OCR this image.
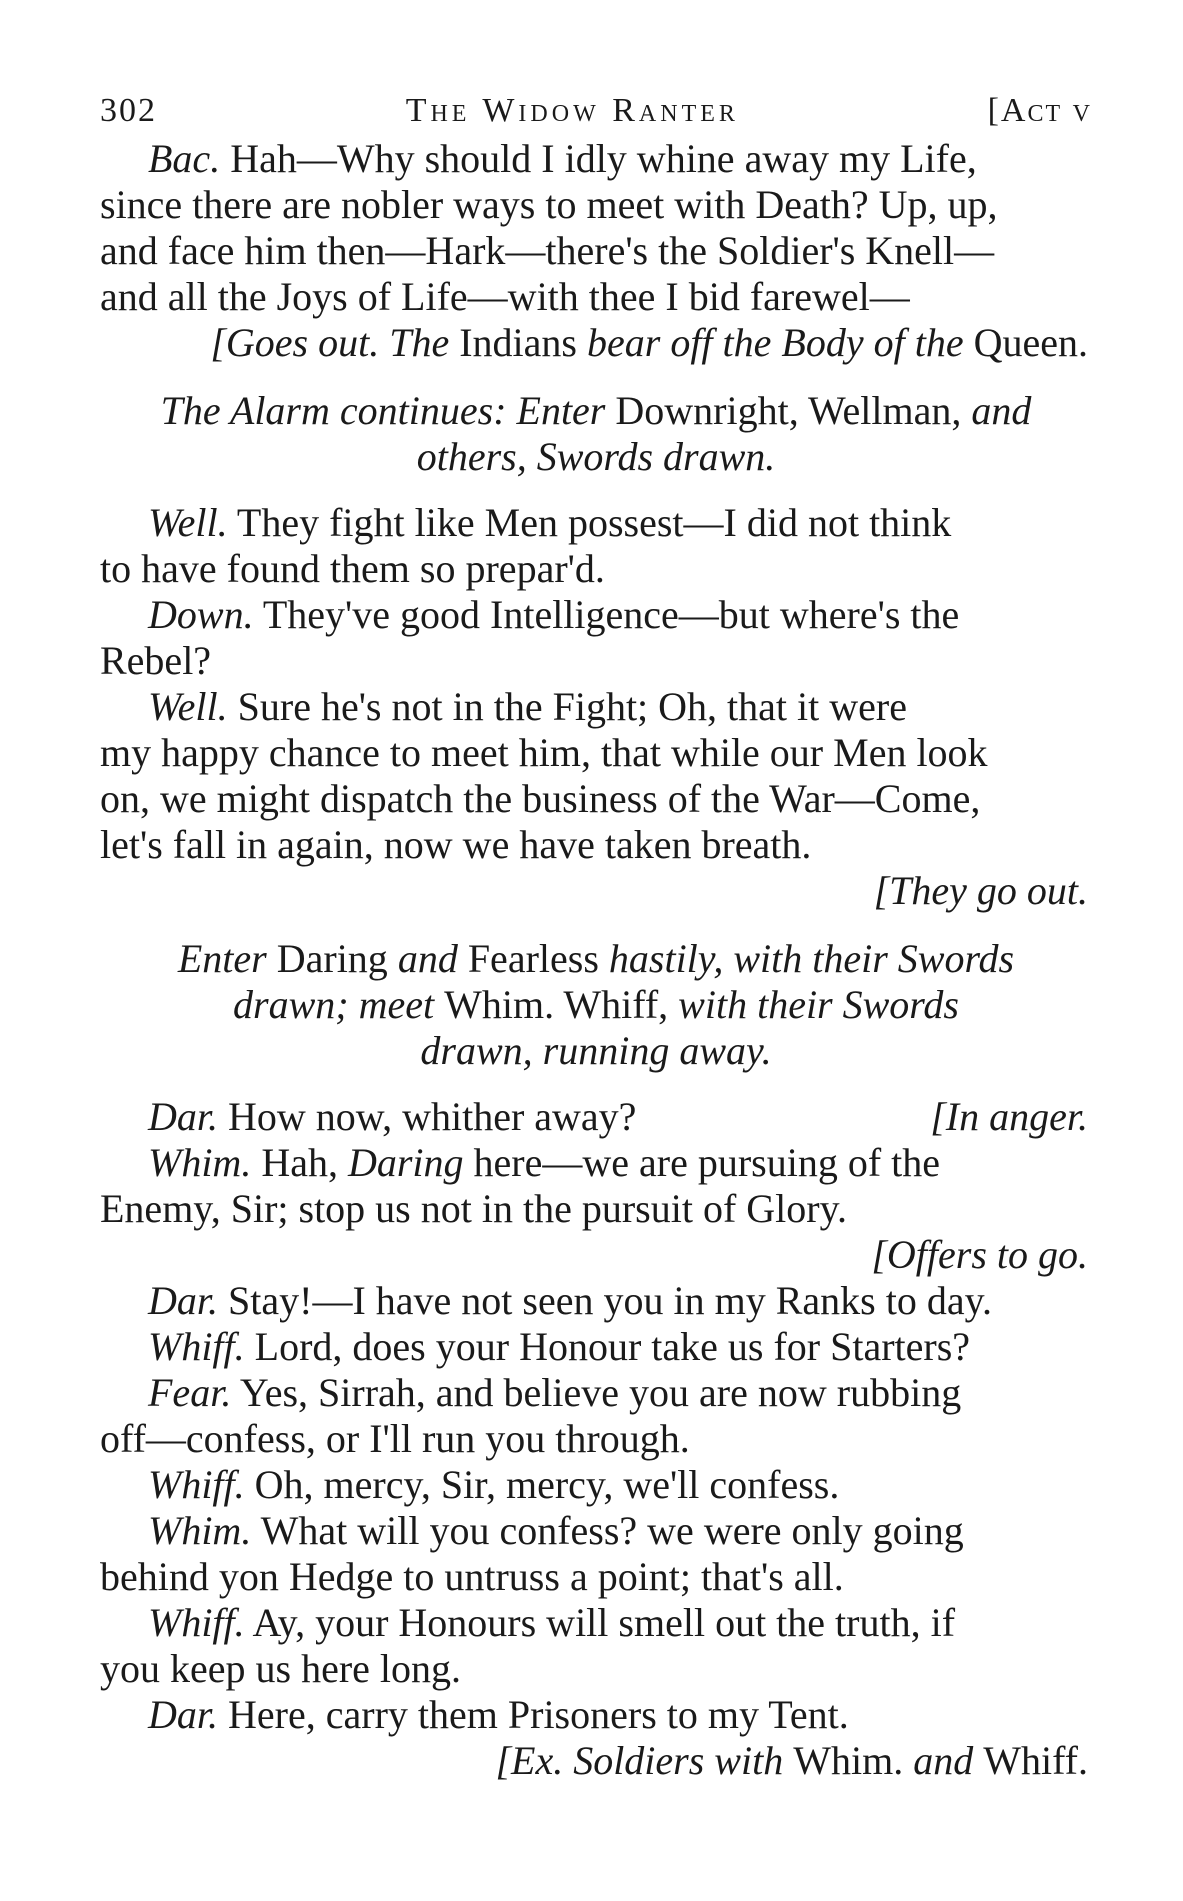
302	The Widow Ranter	[Act v
Bac. Hah—Why should I idly whine away my Life,
since there are nobler ways to meet with Death? Up, up,
and face him then—Hark—there's the Soldier's Knell—
and all the Joys of Life—with thee I bid farewel—

[Goes out. The Indians bear off the Body of the Queen.

The Alarm continues: Enter Downright, Wellman, and
others, Swords drawn.
Well. They fight like Men possest—I did not think
to have found them so prepar'd.
Down. They've good Intelligence—but where's the
Rebel?
Well. Sure he's not in the Fight; Oh, that it were
my happy chance to meet him, that while our Men look
on, we might dispatch the business of the War—Come,
let's fall in again, now we have taken breath.

[They go out.

Enter Daring and Fearless hastily, with their Swords
drawn; meet Whim. Whiff, with their Swords
drawn, running away.
Dar. How now, whither away?	[In anger.
Whim. Hah, Daring here—we are pursuing of the
Enemy, Sir; stop us not in the pursuit of Glory.

[Offers to go.

Dar. Stay!—I have not seen you in my Ranks to day.
Whiff. Lord, does your Honour take us for Starters?
Fear. Yes, Sirrah, and believe you are now rubbing
off—confess, or I'll run you through.
Whiff. Oh, mercy, Sir, mercy, we'll confess.
Whim. What will you confess? we were only going
behind yon Hedge to untruss a point; that's all.
Whiff. Ay, your Honours will smell out the truth, if
you keep us here long.
Dar. Here, carry them Prisoners to my Tent.

[Ex. Soldiers with Whim. and Whiff.
